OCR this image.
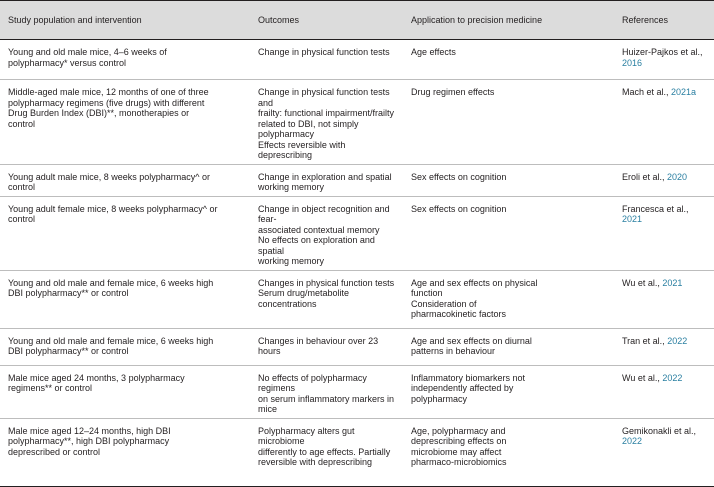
Study population and intervention	Outcomes	Application to precision medicine	References

Young and old male mice, 4–6 weeks of
polypharmacy* versus control	Change in physical function tests	Age effects	Huizer-Pajkos et al., 2016

Middle-aged male mice, 12 months of one of three
polypharmacy regimens (five drugs) with different
Drug Burden Index (DBI)**, monotherapies or
control	Change in physical function tests and
frailty: functional impairment/frailty
related to DBI, not simply
polypharmacy
Effects reversible with deprescribing	Drug regimen effects	Mach et al., 2021a

Young adult male mice, 8 weeks polypharmacy^ or
control	Change in exploration and spatial
working memory	Sex effects on cognition	Eroli et al., 2020

Young adult female mice, 8 weeks polypharmacy^ or
control	Change in object recognition and fear-
associated contextual memory
No effects on exploration and spatial
working memory	Sex effects on cognition	Francesca et al., 2021

Young and old male and female mice, 6 weeks high
DBI polypharmacy** or control	Changes in physical function tests
Serum drug/metabolite
concentrations	Age and sex effects on physical
function
Consideration of
pharmacokinetic factors	Wu et al., 2021

Young and old male and female mice, 6 weeks high
DBI polypharmacy** or control	Changes in behaviour over 23 hours	Age and sex effects on diurnal
patterns in behaviour	Tran et al., 2022

Male mice aged 24 months, 3 polypharmacy
regimens** or control	No effects of polypharmacy regimens
on serum inflammatory markers in
mice	Inflammatory biomarkers not
independently affected by
polypharmacy	Wu et al., 2022

Male mice aged 12–24 months, high DBI
polypharmacy**, high DBI polypharmacy
deprescribed or control	Polypharmacy alters gut microbiome
differently to age effects. Partially
reversible with deprescribing	Age, polypharmacy and
deprescribing effects on
microbiome may affect
pharmaco-microbiomics	Gemikonakli et al., 2022
